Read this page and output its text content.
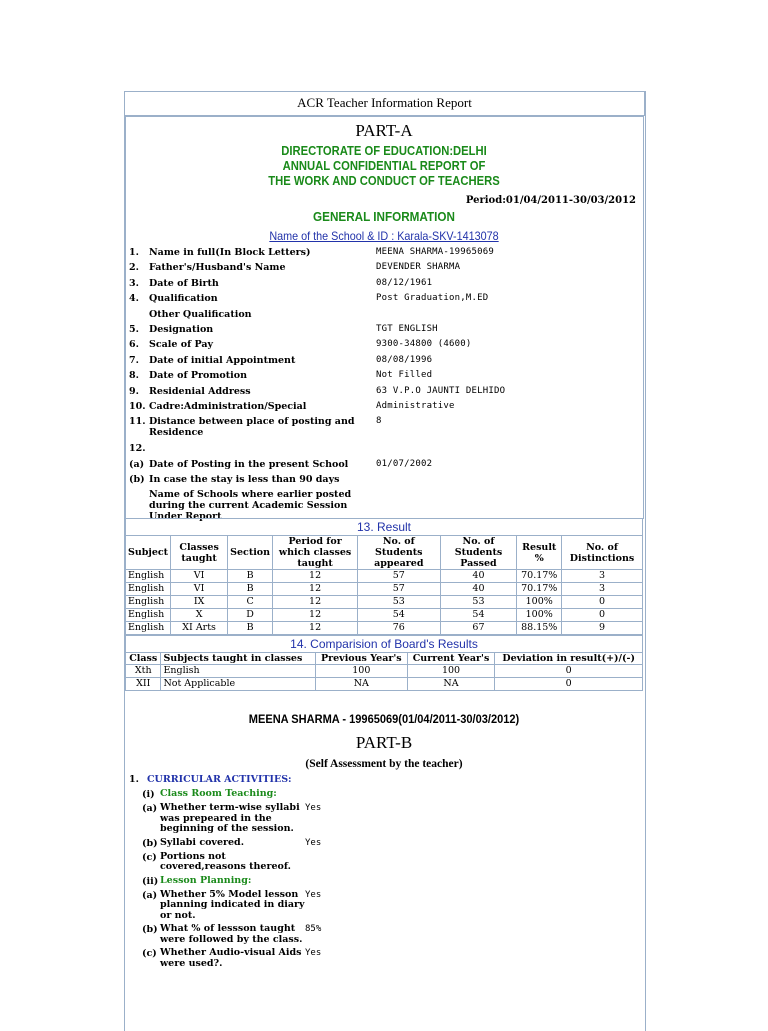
ACR Teacher Information Report
PART-A
DIRECTORATE OF EDUCATION:DELHI
ANNUAL CONFIDENTIAL REPORT OF
THE WORK AND CONDUCT OF TEACHERS
Period:01/04/2011-30/03/2012
GENERAL INFORMATION
Name of the School & ID : Karala-SKV-1413078
1.	Name in full(In Block Letters)	MEENA SHARMA-19965069
2.	Father's/Husband's Name	DEVENDER SHARMA
3.	Date of Birth	08/12/1961
4.	Qualification	Post Graduation,M.ED
Other Qualification
5.	Designation	TGT ENGLISH
6.	Scale of Pay	9300-34800 (4600)
7.	Date of initial Appointment	08/08/1996
8.	Date of Promotion	Not Filled
9.	Residenial Address	63 V.P.O JAUNTI DELHIDO
10. Cadre:Administration/Special	Administrative
11. Distance between place of posting and Residence
8
12.
(a) Date of Posting in the present School	01/07/2002
(b) In case the stay is less than 90 days
Name of Schools where earlier posted during the current Academic Session Under Report
13. Result							
Subject	Classes taught	Section	Period for which classes taught	No. of Students appeared	No. of Students Passed	Result %	No. of Distinctions
English	VI	B	12	57	40	70.17%	3
English	VI	B	12	57	40	70.17%	3
English	IX	C	12	53	53	100%	0
English	X	D	12	54	54	100%	0
English	XI Arts	B	12	76	67	88.15%	9
14. Comparision of Board's Results				
Class	Subjects taught in classes	Previous Year's	Current Year's	Deviation in result(+)/(-)
Xth	English	100	100	0
XII	Not Applicable	NA	NA	0
MEENA SHARMA - 19965069(01/04/2011-30/03/2012)
PART-B
(Self Assessment by the teacher)
1. CURRICULAR ACTIVITIES:
(i) Class Room Teaching:
(a) Whether term-wise syllabi was prepeared in the beginning of the session.
Yes
(b) Syllabi covered.	Yes
(c) Portions not covered,reasons thereof.
(ii) Lesson Planning:
(a) Whether 5% Model lesson planning indicated in diary or not.
Yes
(b) What % of lessson taught were followed by the class.
85%
(c) Whether Audio-visual Aids were used?.
Yes
